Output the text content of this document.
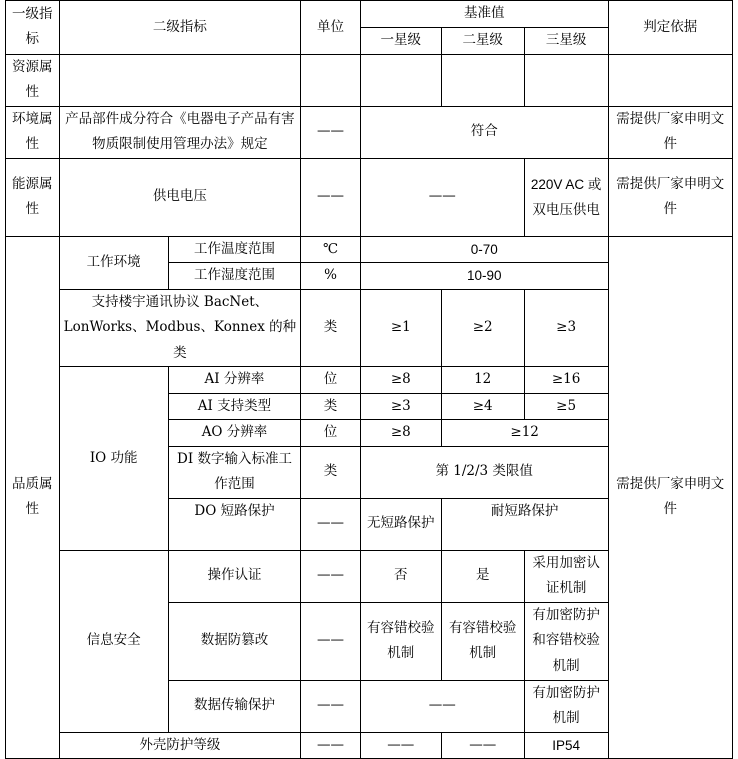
一级指标	二级指标		单位	基准值			判定依据
				一星级	二星级	三星级	
资源属性							
环境属性	产品部件成分符合《电器电子产品有害物质限制使用管理办法》规定		——	符合			需提供厂家申明文件
能源属性	供电电压		——	——		220V AC 或双电压供电	需提供厂家申明文件
品质属性	工作环境	工作温度范围	℃	0-70			需提供厂家申明文件
		工作湿度范围	%	10-90			
	支持楼宇通讯协议 BacNet、LonWorks、Modbus、Konnex 的种类		类	≥1	≥2	≥3	
	IO 功能	AI 分辨率	位	≥8	12	≥16	
		AI 支持类型	类	≥3	≥4	≥5	
		AO 分辨率	位	≥8	≥12		
		DI 数字输入标准工作范围	类	第 1/2/3 类限值			
		DO 短路保护	——	无短路保护	耐短路保护		
	信息安全	操作认证	——	否	是	采用加密认证机制	
		数据防篡改	——	有容错校验机制	有容错校验机制	有加密防护和容错校验机制	
		数据传输保护	——	——		有加密防护机制	
	外壳防护等级		——	——	——	IP54	
